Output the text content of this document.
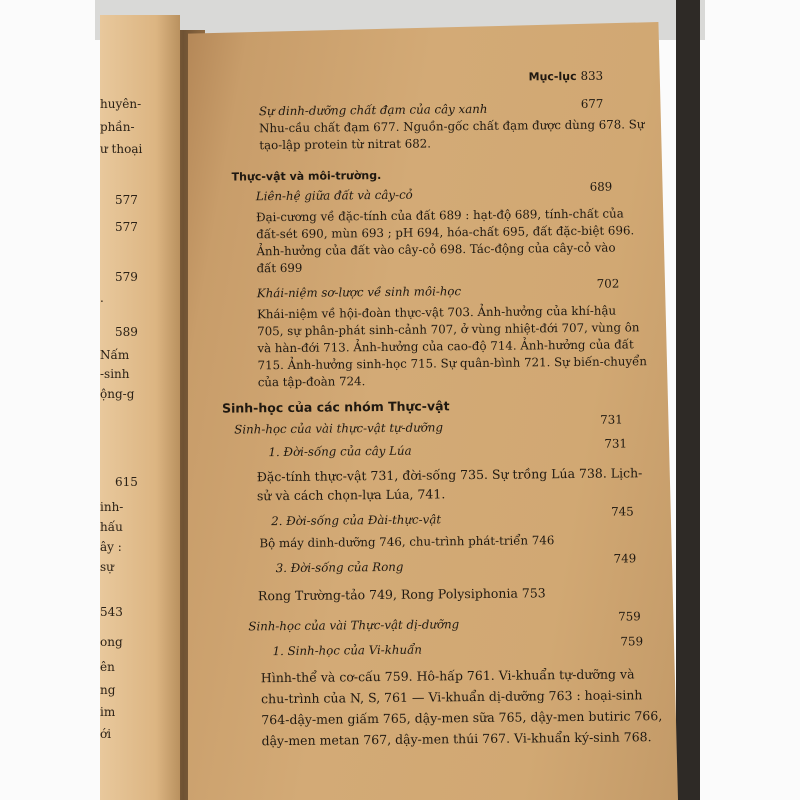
huyên-
phần-
ư thoại
577
577
579
.
589
Nấm
-sinh
ộng-g
615
inh-
hấu
ây :
sự
543
ong
ên
ng
im
ới
Mục-lục 833
Sự dinh-dưỡng chất đạm của cây xanh	677
Nhu-cầu chất đạm 677. Nguồn-gốc chất đạm được dùng 678. Sự
tạo-lập protein từ nitrat 682.
Thực-vật và môi-trường.
689
Liên-hệ giữa đất và cây-cỏ
Đại-cương về đặc-tính của đất 689 : hạt-độ 689, tính-chất của
đất-sét 690, mùn 693 ; pH 694, hóa-chất 695, đất đặc-biệt 696.
Ảnh-hưởng của đất vào cây-cỏ 698. Tác-động của cây-cỏ vào
đất 699
Khái-niệm sơ-lược về sinh môi-học
702
Khái-niệm về hội-đoàn thực-vật 703. Ảnh-hưởng của khí-hậu
705, sự phân-phát sinh-cảnh 707, ở vùng nhiệt-đới 707, vùng ôn
và hàn-đới 713. Ảnh-hưởng của cao-độ 714. Ảnh-hưởng của đất
715. Ảnh-hưởng sinh-học 715. Sự quân-bình 721. Sự biến-chuyển
của tập-đoàn 724.
Sinh-học của các nhóm Thực-vật
Sinh-học của vài thực-vật tự-dưỡng
731
1. Đời-sống của cây Lúa
731
Đặc-tính thực-vật 731, đời-sống 735. Sự trồng Lúa 738. Lịch-
sử và cách chọn-lựa Lúa, 741.
2. Đời-sống của Đài-thực-vật
745
Bộ máy dinh-dưỡng 746, chu-trình phát-triển 746
3. Đời-sống của Rong
749
Rong Trường-tảo 749, Rong Polysiphonia 753
Sinh-học của vài Thực-vật dị-dưỡng
759
1. Sinh-học của Vi-khuẩn
759
Hình-thể và cơ-cấu 759. Hô-hấp 761. Vi-khuẩn tự-dưỡng và
chu-trình của N, S, 761 — Vi-khuẩn dị-dưỡng 763 : hoại-sinh
764-dậy-men giấm 765, dậy-men sữa 765, dậy-men butiric 766,
dậy-men metan 767, dậy-men thúi 767. Vi-khuẩn ký-sinh 768.
